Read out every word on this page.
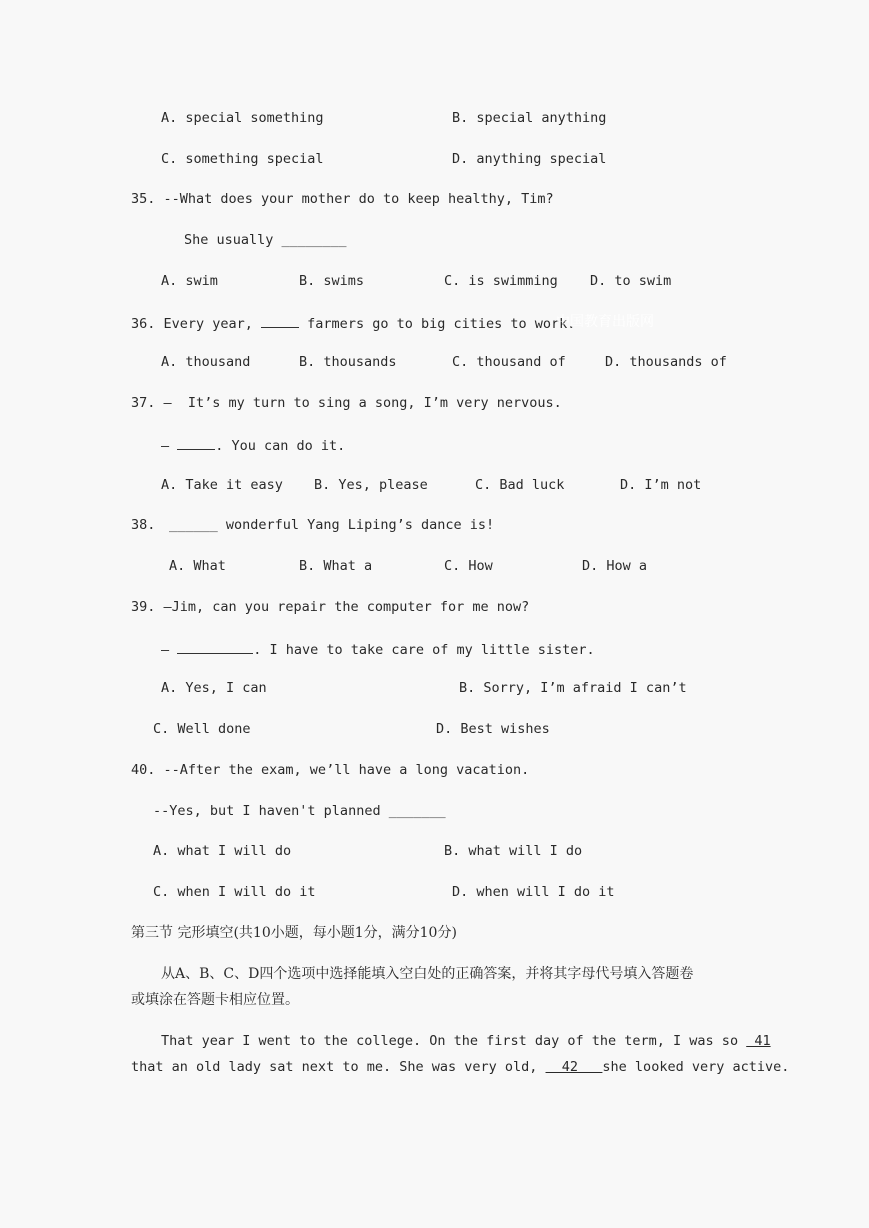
A. special something	B. special anything
C. something special	D. anything special
35. --What does your mother do to keep healthy, Tim?
She usually ________
A. swim	B. swims	C. is swimming D. to swim
36. Every year,	farmers go to big cities to work.
中国教育出版网
A. thousand	B. thousands	C. thousand of	D. thousands of
37. —  It’s my turn to sing a song, I’m very nervous.
—	. You can do it.
A. Take it easy B. Yes, please	C. Bad luck	D. I’m not
38. ______ wonderful Yang Liping’s dance is!
A. What	B. What a	C. How	D. How a
39. —Jim, can you repair the computer for me now?
—	. I have to take care of my little sister.
A. Yes, I can	B. Sorry, I’m afraid I can’t
C. Well done	D. Best wishes
40. --After the exam, we’ll have a long vacation.
--Yes, but I haven't planned _______
A. what I will do	B. what will I do
C. when I will do it	D. when will I do it
第三节 完形填空(共10小题，每小题1分，满分10分)
从A、B、C、D四个选项中选择能填入空白处的正确答案，并将其字母代号填入答题卷
或填涂在答题卡相应位置。
That year I went to the college. On the first day of the term, I was so  41
that an old lady sat next to me. She was very old,   42   she looked very active.
